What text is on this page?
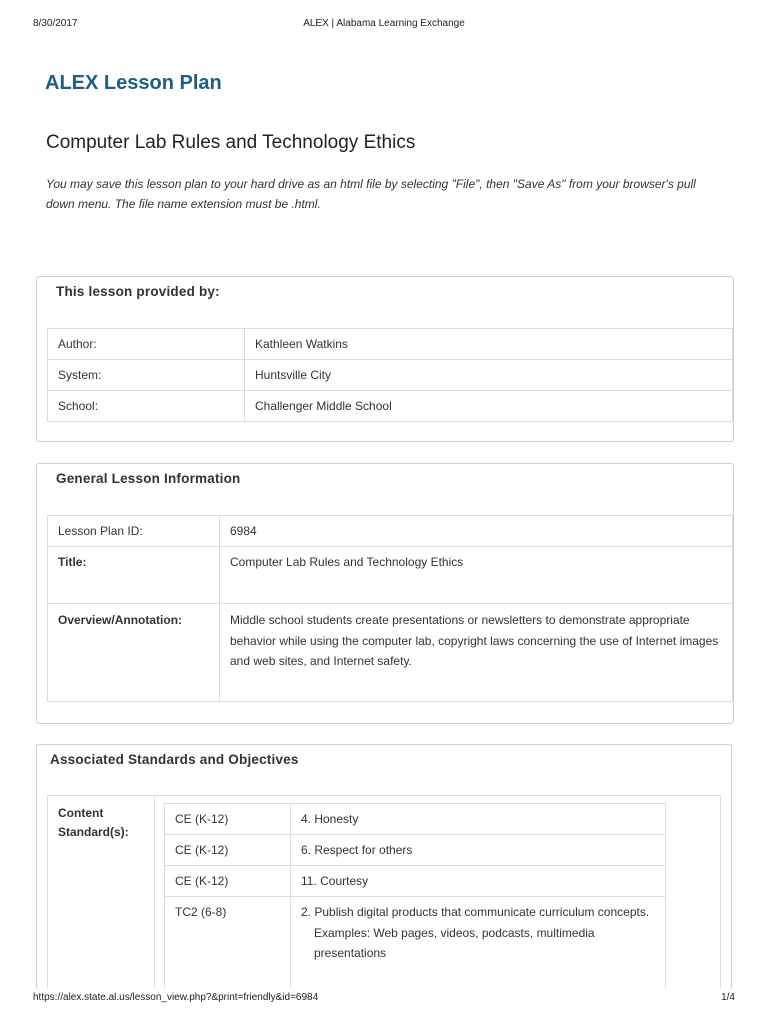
8/30/2017	ALEX | Alabama Learning Exchange
ALEX Lesson Plan
Computer Lab Rules and Technology Ethics

You may save this lesson plan to your hard drive as an html file by selecting "File", then "Save As" from your browser's pull down menu. The file name extension must be .html.

This lesson provided by:
Author:	Kathleen Watkins
System:	Huntsville City
School:	Challenger Middle School
General Lesson Information
Lesson Plan ID:	6984
Title:	Computer Lab Rules and Technology Ethics
Overview/Annotation:	Middle school students create presentations or newsletters to demonstrate appropriate behavior while using the computer lab, copyright laws concerning the use of Internet images and web sites, and Internet safety.
Associated Standards and Objectives
Content Standard(s):
CE (K-12)	4. Honesty
CE (K-12)	6. Respect for others
CE (K-12)	11. Courtesy
TC2 (6-8)	2. Publish digital products that communicate curriculum concepts.
Examples: Web pages, videos, podcasts, multimedia presentations
https://alex.state.al.us/lesson_view.php?&print=friendly&id=6984	1/4
